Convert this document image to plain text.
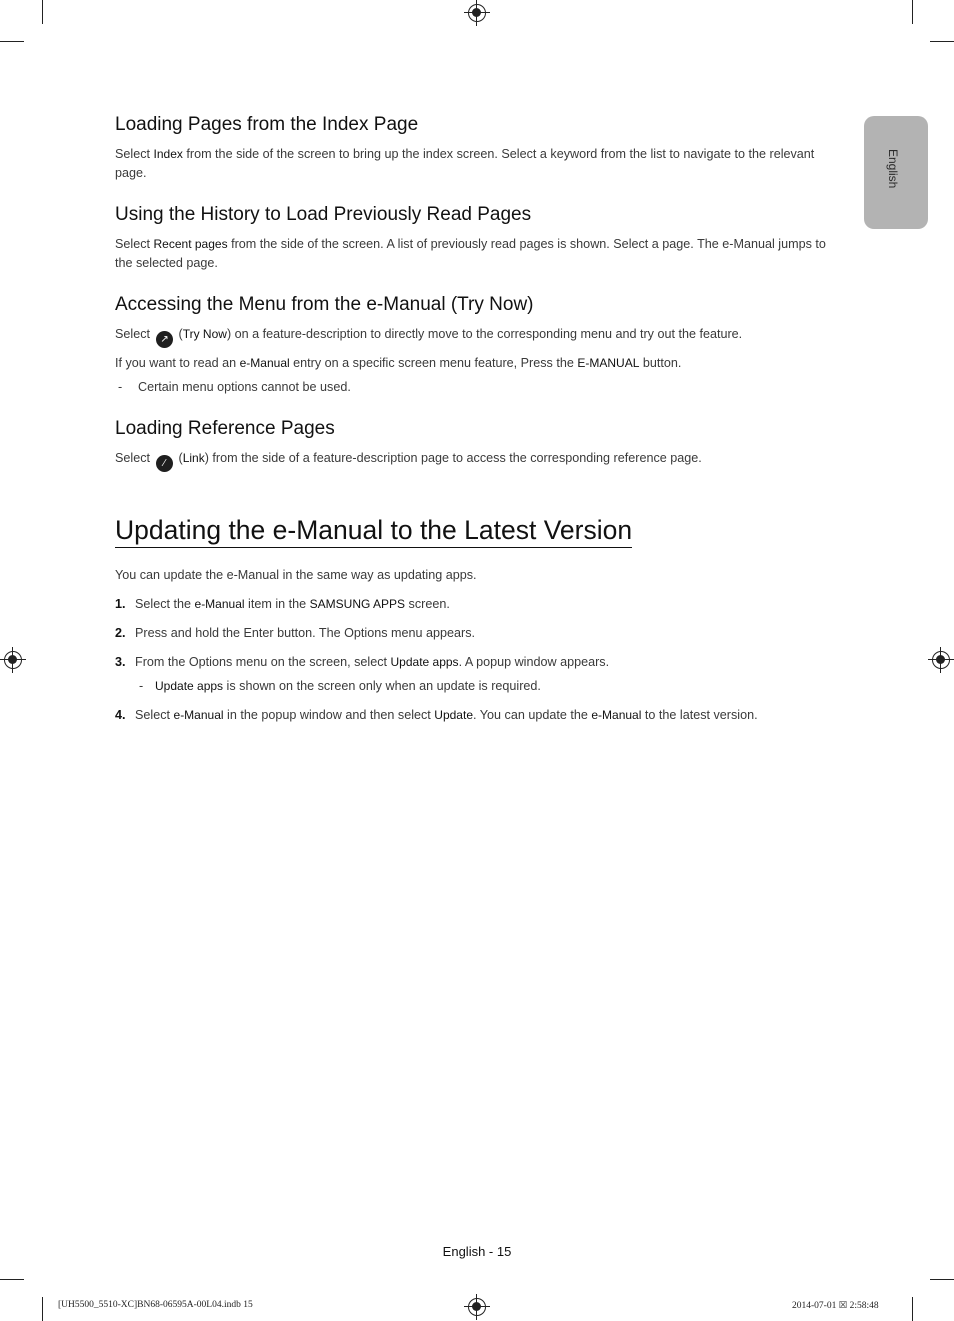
English
Loading Pages from the Index Page

Select Index from the side of the screen to bring up the index screen. Select a keyword from the list to navigate to the relevant page.

Using the History to Load Previously Read Pages

Select Recent pages from the side of the screen. A list of previously read pages is shown. Select a page. The e-Manual jumps to the selected page.

Accessing the Menu from the e-Manual (Try Now)

Select ↗ (Try Now) on a feature-description to directly move to the corresponding menu and try out the feature.

If you want to read an e-Manual entry on a specific screen menu feature, Press the E-MANUAL button.

- Certain menu options cannot be used.
Loading Reference Pages

Select ∕ (Link) from the side of a feature-description page to access the corresponding reference page.

Updating the e-Manual to the Latest Version

You can update the e-Manual in the same way as updating apps.

1. Select the e-Manual item in the SAMSUNG APPS screen.
2. Press and hold the Enter button. The Options menu appears.
3. From the Options menu on the screen, select Update apps. A popup window appears.
- Update apps is shown on the screen only when an update is required.
4. Select e-Manual in the popup window and then select Update. You can update the e-Manual to the latest version.
English - 15
[UH5500_5510-XC]BN68-06595A-00L04.indb 15	2014-07-01 ☒ 2:58:48
